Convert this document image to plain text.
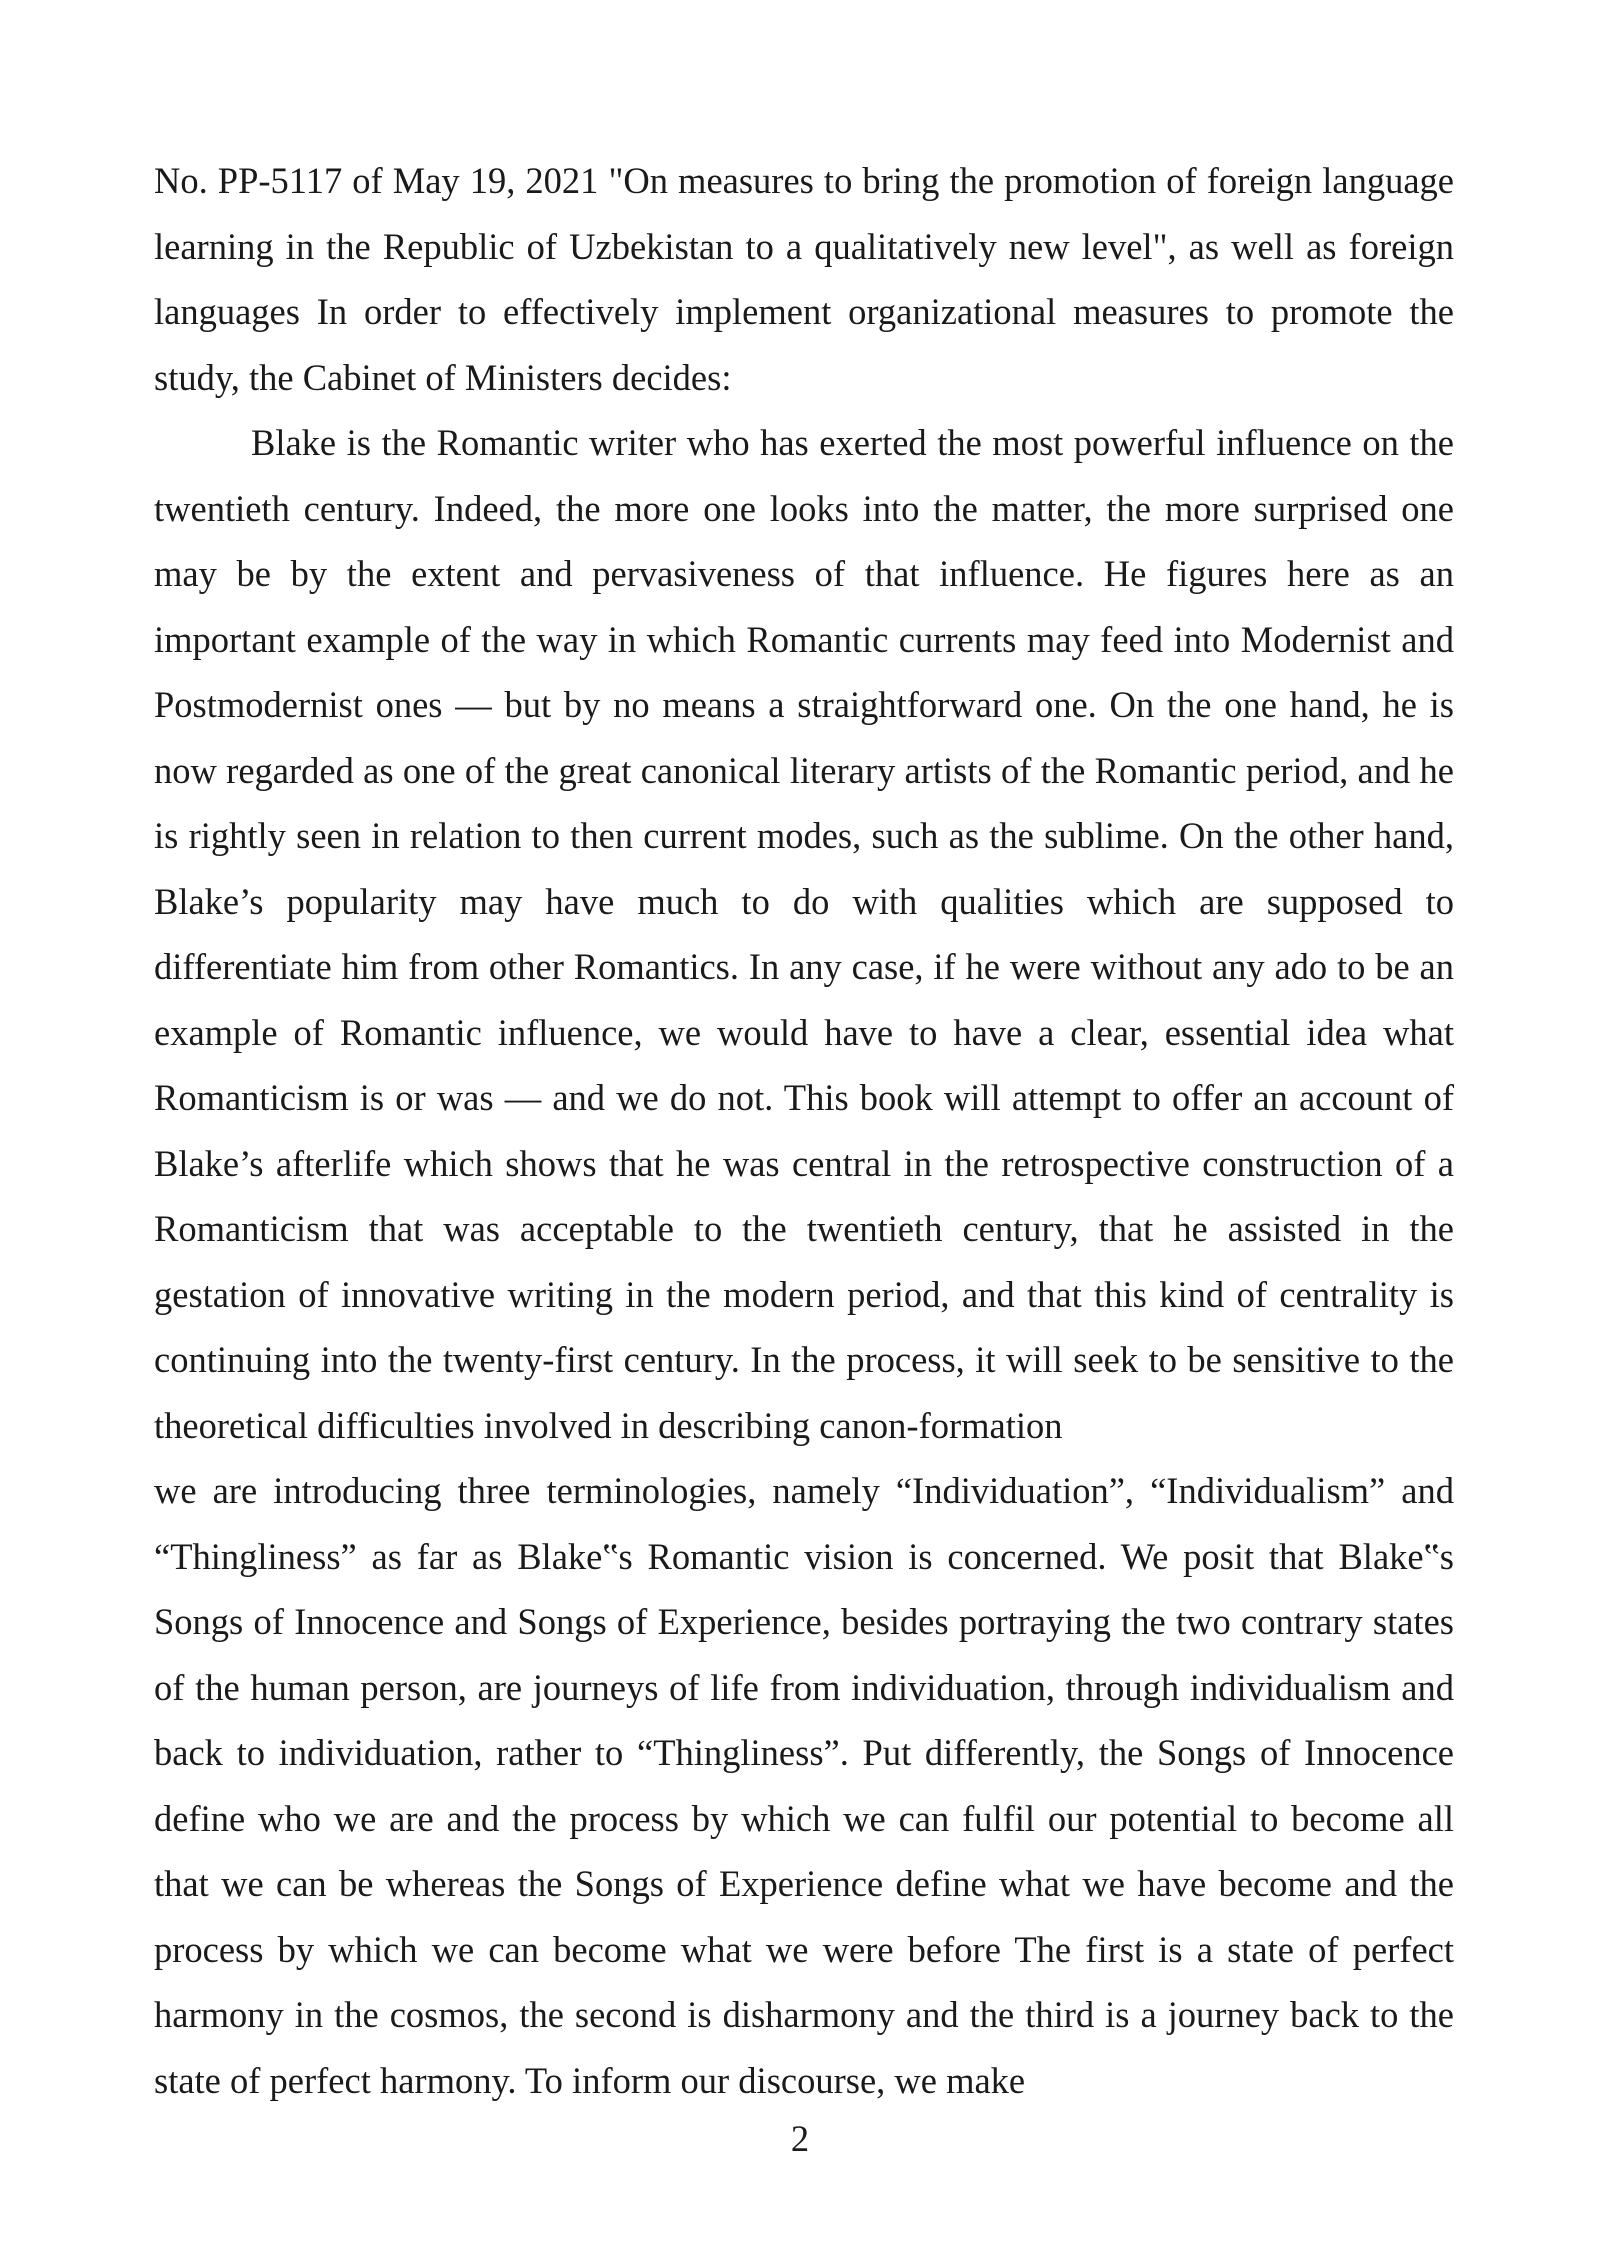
No. PP-5117 of May 19, 2021 "On measures to bring the promotion of foreign language learning in the Republic of Uzbekistan to a qualitatively new level", as well as foreign languages In order to effectively implement organizational measures to promote the study, the Cabinet of Ministers decides:

Blake is the Romantic writer who has exerted the most powerful influence on the twentieth century. Indeed, the more one looks into the matter, the more surprised one may be by the extent and pervasiveness of that influence. He figures here as an important example of the way in which Romantic currents may feed into Modernist and Postmodernist ones — but by no means a straightforward one. On the one hand, he is now regarded as one of the great canonical literary artists of the Romantic period, and he is rightly seen in relation to then current modes, such as the sublime. On the other hand, Blake’s popularity may have much to do with qualities which are supposed to differentiate him from other Romantics. In any case, if he were without any ado to be an example of Romantic influence, we would have to have a clear, essential idea what Romanticism is or was — and we do not. This book will attempt to offer an account of Blake’s afterlife which shows that he was central in the retrospective construction of a Romanticism that was acceptable to the twentieth century, that he assisted in the gestation of innovative writing in the modern period, and that this kind of centrality is continuing into the twenty-first century. In the process, it will seek to be sensitive to the theoretical difficulties involved in describing canon-formation

we are introducing three terminologies, namely “Individuation”, “Individualism” and “Thingliness” as far as Blake‟s Romantic vision is concerned. We posit that Blake‟s Songs of Innocence and Songs of Experience, besides portraying the two contrary states of the human person, are journeys of life from individuation, through individualism and back to individuation, rather to “Thingliness”. Put differently, the Songs of Innocence define who we are and the process by which we can fulfil our potential to become all that we can be whereas the Songs of Experience define what we have become and the process by which we can become what we were before The first is a state of perfect harmony in the cosmos, the second is disharmony and the third is a journey back to the state of perfect harmony. To inform our discourse, we make

2
